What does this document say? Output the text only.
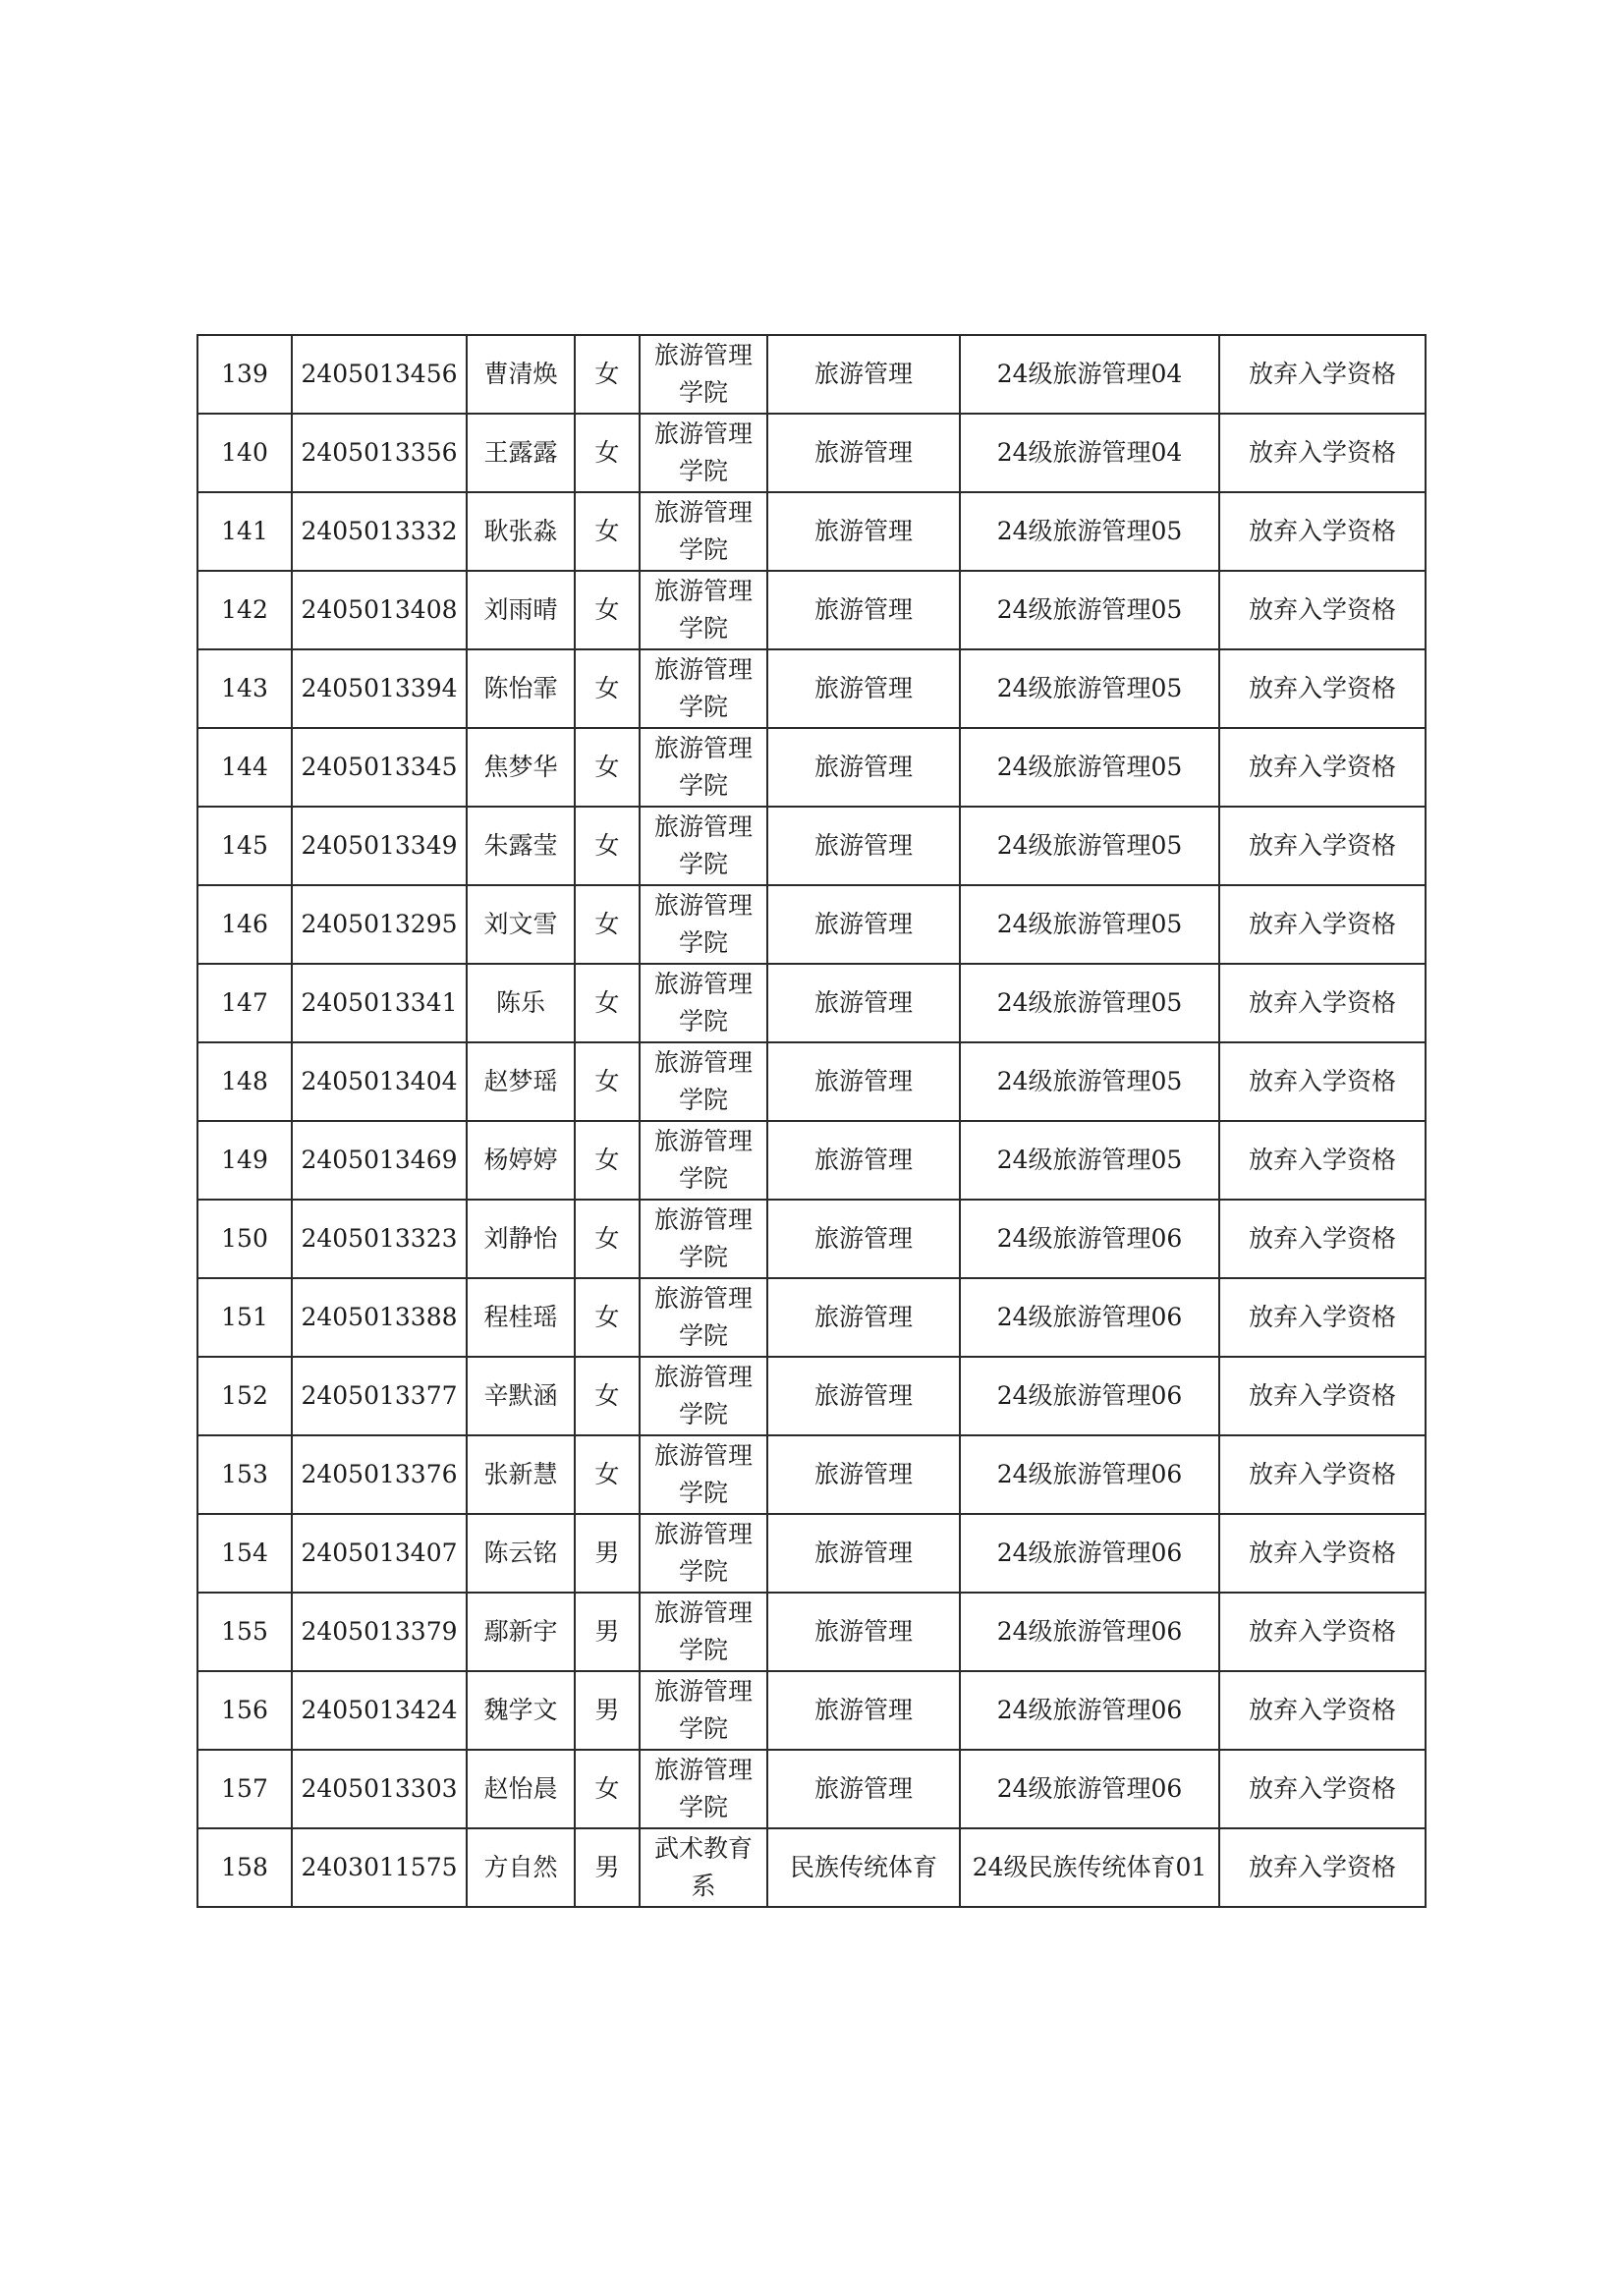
139	2405013456	曹清焕	女	旅游管理学院	旅游管理	24级旅游管理04	放弃入学资格
140	2405013356	王露露	女	旅游管理学院	旅游管理	24级旅游管理04	放弃入学资格
141	2405013332	耿张淼	女	旅游管理学院	旅游管理	24级旅游管理05	放弃入学资格
142	2405013408	刘雨晴	女	旅游管理学院	旅游管理	24级旅游管理05	放弃入学资格
143	2405013394	陈怡霏	女	旅游管理学院	旅游管理	24级旅游管理05	放弃入学资格
144	2405013345	焦梦华	女	旅游管理学院	旅游管理	24级旅游管理05	放弃入学资格
145	2405013349	朱露莹	女	旅游管理学院	旅游管理	24级旅游管理05	放弃入学资格
146	2405013295	刘文雪	女	旅游管理学院	旅游管理	24级旅游管理05	放弃入学资格
147	2405013341	陈乐	女	旅游管理学院	旅游管理	24级旅游管理05	放弃入学资格
148	2405013404	赵梦瑶	女	旅游管理学院	旅游管理	24级旅游管理05	放弃入学资格
149	2405013469	杨婷婷	女	旅游管理学院	旅游管理	24级旅游管理05	放弃入学资格
150	2405013323	刘静怡	女	旅游管理学院	旅游管理	24级旅游管理06	放弃入学资格
151	2405013388	程桂瑶	女	旅游管理学院	旅游管理	24级旅游管理06	放弃入学资格
152	2405013377	辛默涵	女	旅游管理学院	旅游管理	24级旅游管理06	放弃入学资格
153	2405013376	张新慧	女	旅游管理学院	旅游管理	24级旅游管理06	放弃入学资格
154	2405013407	陈云铭	男	旅游管理学院	旅游管理	24级旅游管理06	放弃入学资格
155	2405013379	鄢新宇	男	旅游管理学院	旅游管理	24级旅游管理06	放弃入学资格
156	2405013424	魏学文	男	旅游管理学院	旅游管理	24级旅游管理06	放弃入学资格
157	2405013303	赵怡晨	女	旅游管理学院	旅游管理	24级旅游管理06	放弃入学资格
158	2403011575	方自然	男	武术教育系	民族传统体育	24级民族传统体育01	放弃入学资格
